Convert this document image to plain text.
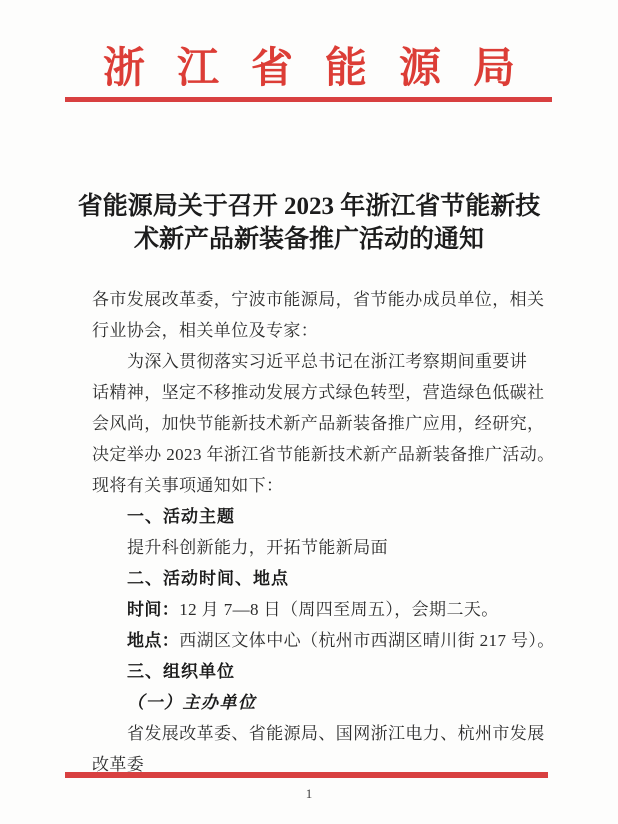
浙江省能源局
省能源局关于召开 2023 年浙江省节能新技
术新产品新装备推广活动的通知
各市发展改革委，宁波市能源局，省节能办成员单位，相关
行业协会，相关单位及专家：
为深入贯彻落实习近平总书记在浙江考察期间重要讲
话精神，坚定不移推动发展方式绿色转型，营造绿色低碳社
会风尚，加快节能新技术新产品新装备推广应用，经研究，
决定举办 2023 年浙江省节能新技术新产品新装备推广活动。
现将有关事项通知如下：
一、活动主题
提升科创新能力，开拓节能新局面
二、活动时间、地点
时间：12 月 7—8 日（周四至周五），会期二天。
地点：西湖区文体中心（杭州市西湖区晴川街 217 号）。
三、组织单位
（一）主办单位
省发展改革委、省能源局、国网浙江电力、杭州市发展
改革委
1
